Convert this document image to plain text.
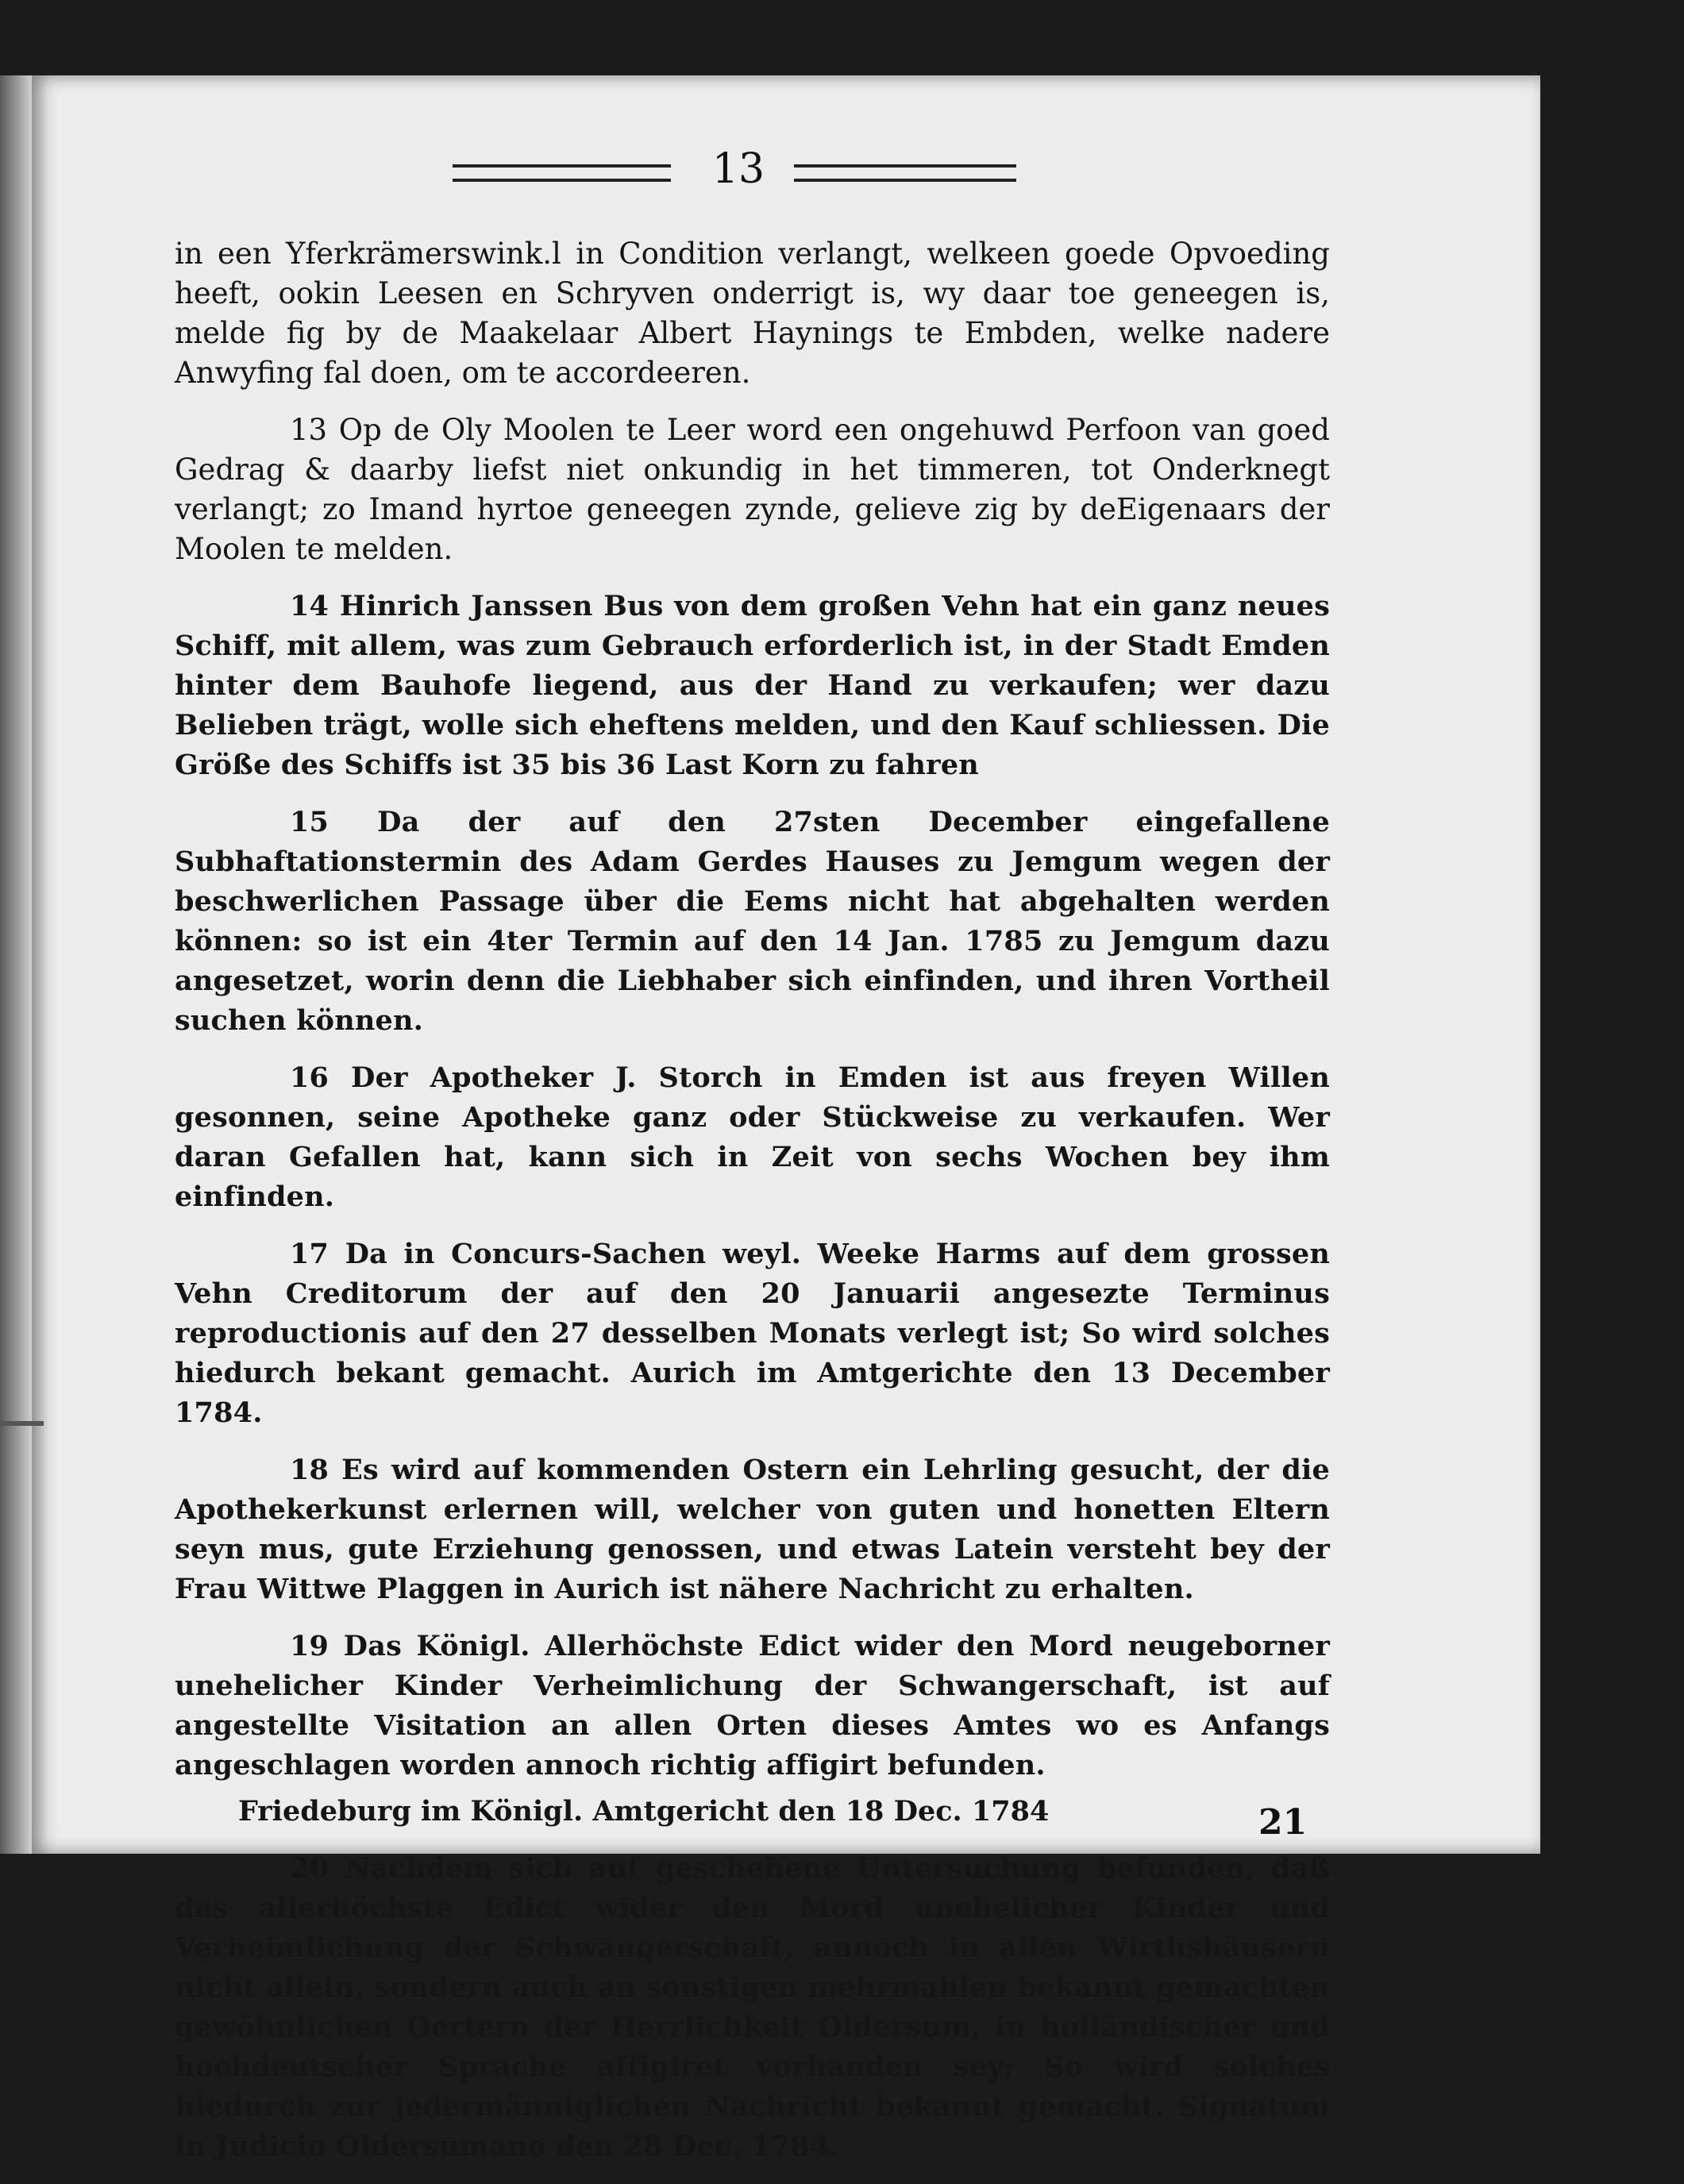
13

in een Yferkrämerswink.l in Condition verlangt, welkeen goede Opvoeding heeft, ookin Leesen en Schryven onderrigt is, wy daar toe geneegen is, melde fig by de Maakelaar Albert Haynings te Embden, welke nadere Anwyfing fal doen, om te accordeeren.

13 Op de Oly Moolen te Leer word een ongehuwd Perfoon van goed Gedrag & daarby liefst niet onkundig in het timmeren, tot Onderknegt verlangt; zo Imand hyrtoe geneegen zynde, gelieve zig by deEigenaars der Moolen te melden.

14 Hinrich Janssen Bus von dem großen Vehn hat ein ganz neues Schiff, mit allem, was zum Gebrauch erforderlich ist, in der Stadt Emden hinter dem Bauhofe liegend, aus der Hand zu verkaufen; wer dazu Belieben trägt, wolle sich eheftens melden, und den Kauf schliessen. Die Größe des Schiffs ist 35 bis 36 Last Korn zu fahren

15 Da der auf den 27sten December eingefallene Subhaftationstermin des Adam Gerdes Hauses zu Jemgum wegen der beschwerlichen Passage über die Eems nicht hat abgehalten werden können: so ist ein 4ter Termin auf den 14 Jan. 1785 zu Jemgum dazu angesetzet, worin denn die Liebhaber sich einfinden, und ihren Vortheil suchen können.

16 Der Apotheker J. Storch in Emden ist aus freyen Willen gesonnen, seine Apotheke ganz oder Stückweise zu verkaufen. Wer daran Gefallen hat, kann sich in Zeit von sechs Wochen bey ihm einfinden.

17 Da in Concurs-Sachen weyl. Weeke Harms auf dem grossen Vehn Creditorum der auf den 20 Januarii angesezte Terminus reproductionis auf den 27 desselben Monats verlegt ist; So wird solches hiedurch bekant gemacht. Aurich im Amtgerichte den 13 December 1784.

18 Es wird auf kommenden Ostern ein Lehrling gesucht, der die Apothekerkunst erlernen will, welcher von guten und honetten Eltern seyn mus, gute Erziehung genossen, und etwas Latein versteht bey der Frau Wittwe Plaggen in Aurich ist nähere Nachricht zu erhalten.

19 Das Königl. Allerhöchste Edict wider den Mord neugeborner unehelicher Kinder Verheimlichung der Schwangerschaft, ist auf angestellte Visitation an allen Orten dieses Amtes wo es Anfangs angeschlagen worden annoch richtig affigirt befunden.

Friedeburg im Königl. Amtgericht den 18 Dec. 1784

20 Nachdem sich auf geschehene Untersuchung befunden, daß das allerhöchste Edict wider den Mord unehelicher Kinder und Verheimlichung der Schwangerschaft, annoch in allen Wirthshäusern nicht allein, sondern auch an sonstigen mehrmahlen bekannt gemachten gewöhnlichen Oertern der Herrlichkeit Oldersum, in holländischer und hochdeutscher Sprache affigiret vorhanden sey; So wird solches hiedurch zur jedermänniglichen Nachricht bekannt gemacht. Signatum in Judicio Oldersumano den 28 Dec. 1784.

21
